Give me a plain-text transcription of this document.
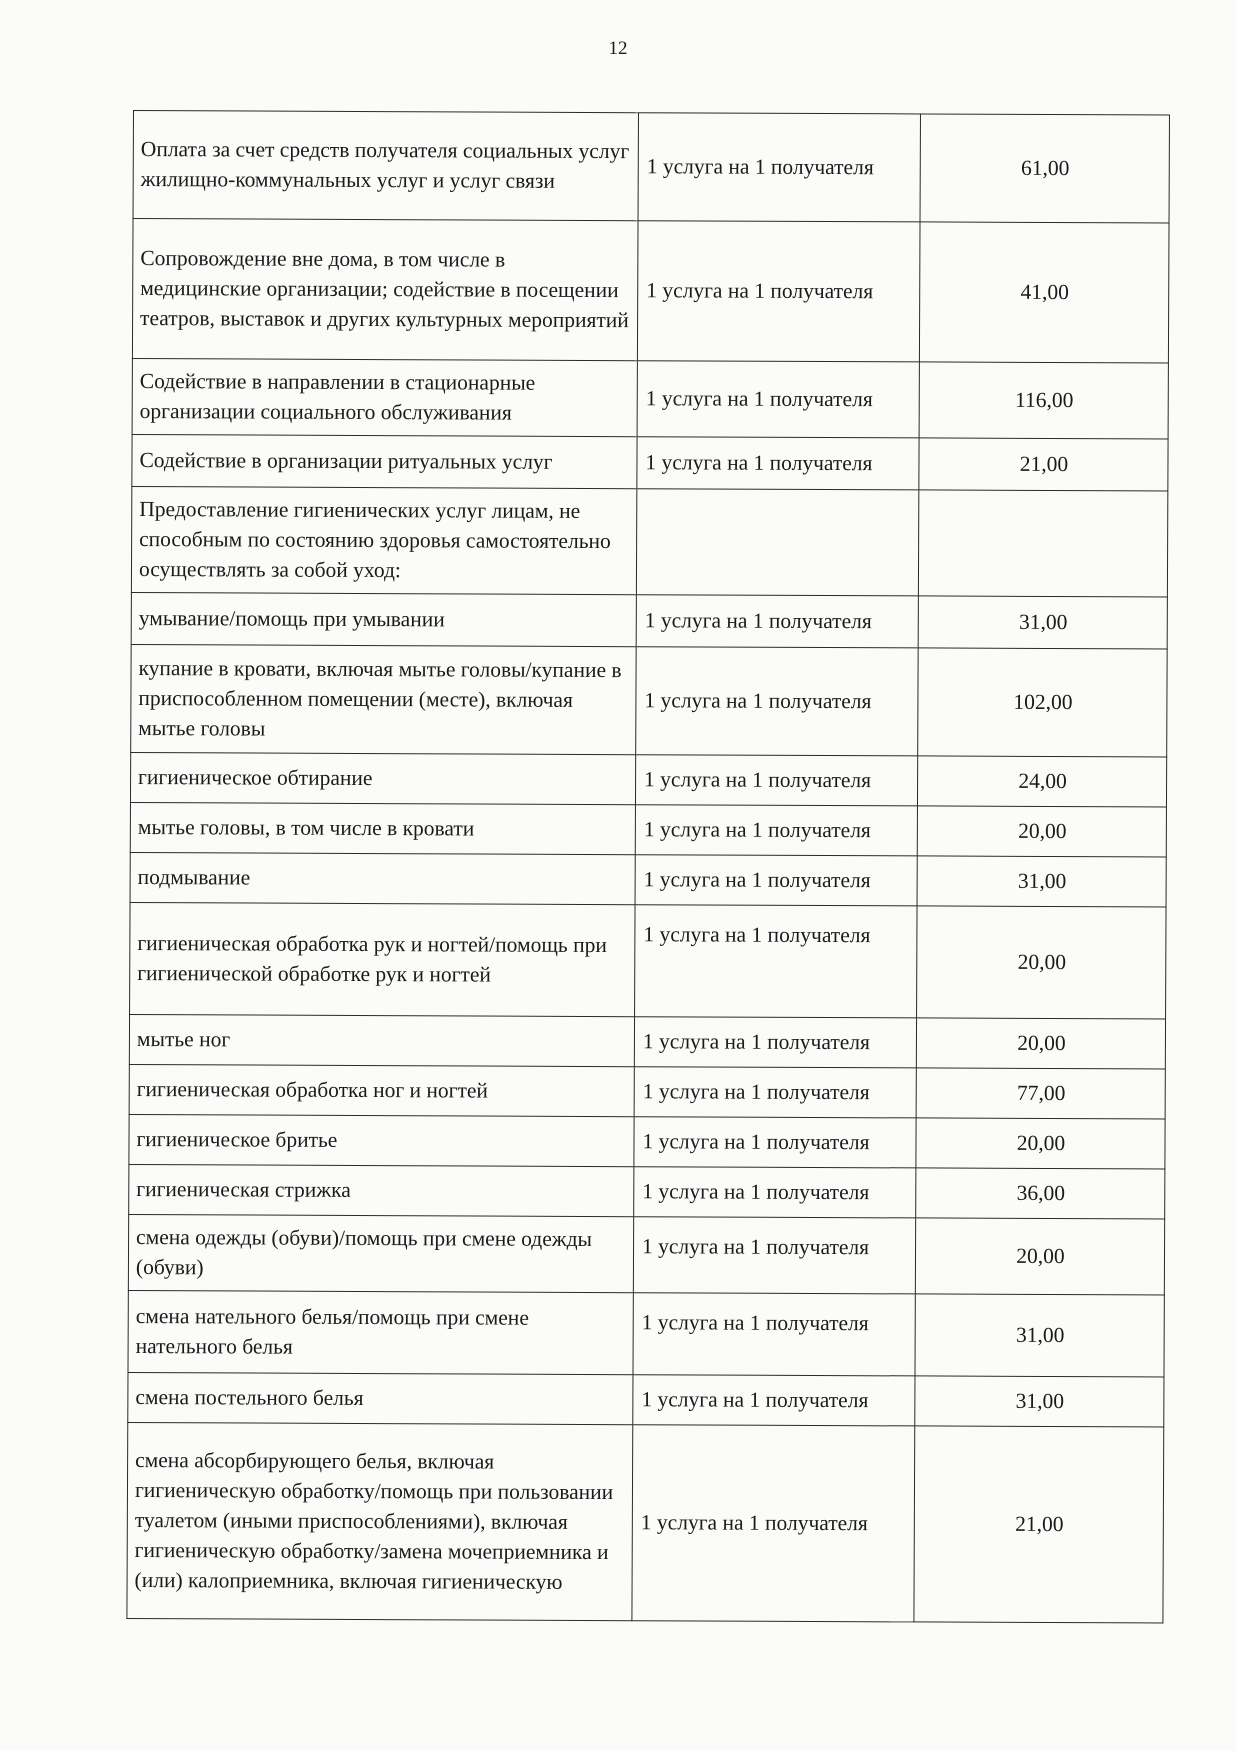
12
Оплата за счет средств получателя социальных услуг жилищно-коммунальных услуг и услуг связи	1 услуга на 1 получателя	61,00
Сопровождение вне дома, в том числе в медицинские организации; содействие в посещении театров, выставок и других культурных мероприятий	1 услуга на 1 получателя	41,00
Содействие в направлении в стационарные организации социального обслуживания	1 услуга на 1 получателя	116,00
Содействие в организации ритуальных услуг	1 услуга на 1 получателя	21,00
Предоставление гигиенических услуг лицам, не способным по состоянию здоровья самостоятельно осуществлять за собой уход:		
умывание/помощь при умывании	1 услуга на 1 получателя	31,00
купание в кровати, включая мытье головы/купание в приспособленном помещении (месте), включая мытье головы	1 услуга на 1 получателя	102,00
гигиеническое обтирание	1 услуга на 1 получателя	24,00
мытье головы, в том числе в кровати	1 услуга на 1 получателя	20,00
подмывание	1 услуга на 1 получателя	31,00
гигиеническая обработка рук и ногтей/помощь при гигиенической обработке рук и ногтей	1 услуга на 1 получателя	20,00
мытье ног	1 услуга на 1 получателя	20,00
гигиеническая обработка ног и ногтей	1 услуга на 1 получателя	77,00
гигиеническое бритье	1 услуга на 1 получателя	20,00
гигиеническая стрижка	1 услуга на 1 получателя	36,00
смена одежды (обуви)/помощь при смене одежды (обуви)	1 услуга на 1 получателя	20,00
смена нательного белья/помощь при смене нательного белья	1 услуга на 1 получателя	31,00
смена постельного белья	1 услуга на 1 получателя	31,00
смена абсорбирующего белья, включая гигиеническую обработку/помощь при пользовании туалетом (иными приспособлениями), включая гигиеническую обработку/замена мочеприемника и (или) калоприемника, включая гигиеническую	1 услуга на 1 получателя	21,00
